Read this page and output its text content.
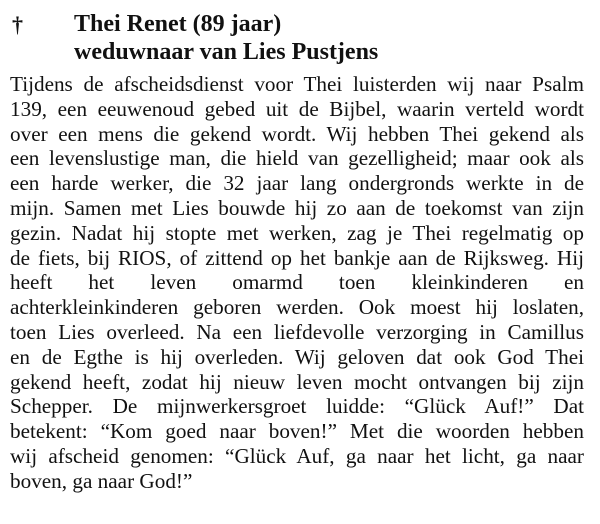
† Thei Renet (89 jaar)
weduwnaar van Lies Pustjens

Tijdens de afscheidsdienst voor Thei luisterden wij naar Psalm
139, een eeuwenoud gebed uit de Bijbel, waarin verteld wordt
over een mens die gekend wordt. Wij hebben Thei gekend als
een levenslustige man, die hield van gezelligheid; maar ook als
een harde werker, die 32 jaar lang ondergronds werkte in de
mijn. Samen met Lies bouwde hij zo aan de toekomst van zijn
gezin. Nadat hij stopte met werken, zag je Thei regelmatig op
de fiets, bij RIOS, of zittend op het bankje aan de Rijksweg. Hij
heeft het leven omarmd toen kleinkinderen en
achterkleinkinderen geboren werden. Ook moest hij loslaten,
toen Lies overleed. Na een liefdevolle verzorging in Camillus
en de Egthe is hij overleden. Wij geloven dat ook God Thei
gekend heeft, zodat hij nieuw leven mocht ontvangen bij zijn
Schepper. De mijnwerkersgroet luidde: “Glück Auf!” Dat
betekent: “Kom goed naar boven!” Met die woorden hebben
wij afscheid genomen: “Glück Auf, ga naar het licht, ga naar
boven, ga naar God!”
